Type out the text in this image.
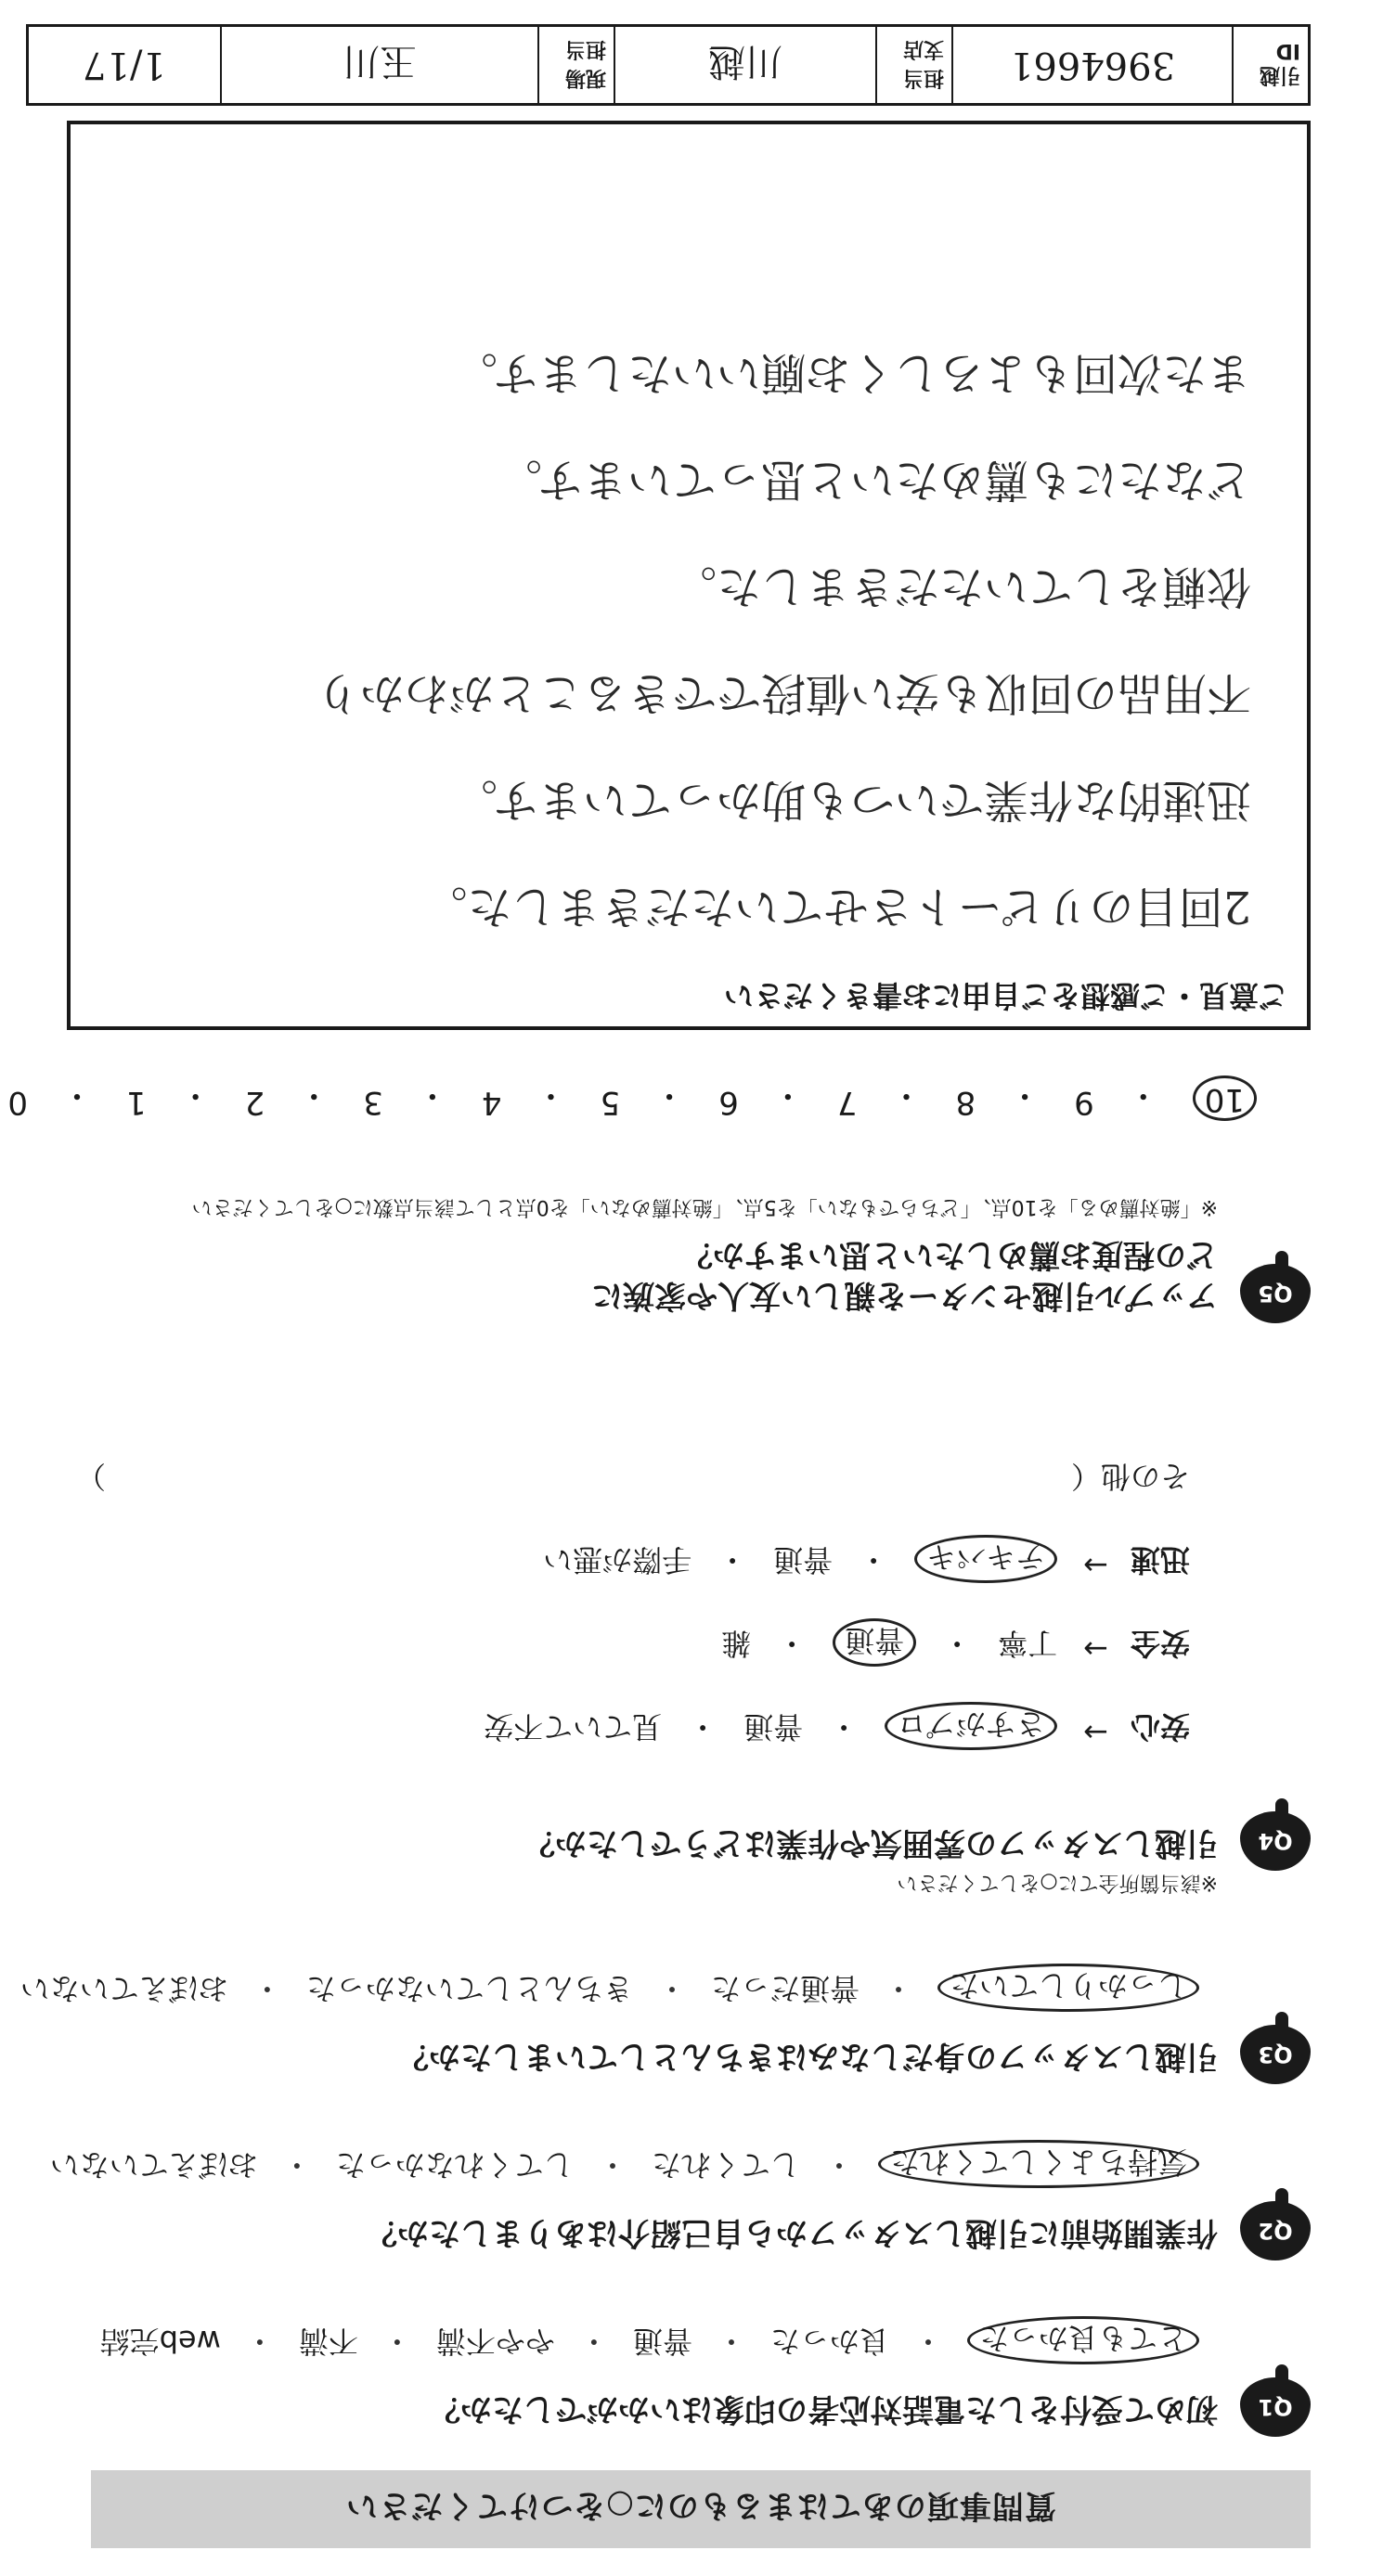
質問事項のあてはまるものに○をつけてください
Q1
初めて受付をした電話対応者の印象はいかがでしたか？
とても良かった
・
良かった
・
普通
・
やや不満
・
不満
・
web完結
Q2
作業開始前に引越しスタッフから自己紹介はありましたか？
気持ちよくしてくれた
・
してくれた
・
してくれなかった
・
おぼえていない
Q3
引越しスタッフの身だしなみはきちんとしていましたか？
しっかりしていた
・
普通だった
・
きちんとしていなかった
・
おぼえていない
Q4
引越しスタッフの雰囲気や作業はどうでしたか？
※該当箇所全てに○をしてください
安心
→
さすがプロ
・
普通
・
見ていて不安
安全
→
丁寧
・
普通
・
雑
迅速
→
テキパキ
・
普通
・
手際が悪い
その他（
）
Q5
アップル引越センターを親しい友人や家族に
どの程度お薦めしたいと思いますか？
※「絶対薦める」を10点、「どちらでもない」を5点、「絶対薦めない」を0点として該当点数に○をしてください
10
・
9
・
8
・
7
・
6
・
5
・
4
・
3
・
2
・
1
・
0
ご意見・ご感想をご自由にお書きください
2回目のリピートさせていただきました。
迅速的な作業でいつも助かっています。
不用品の回収も安い値段でできることがわかり
依頼をしていただきました。
どなたにも薦めたいと思っています。
また次回もよろしくお願いいたします。
引越ID
3964661
担当支店
川越
現場担当
玉川
1/17
